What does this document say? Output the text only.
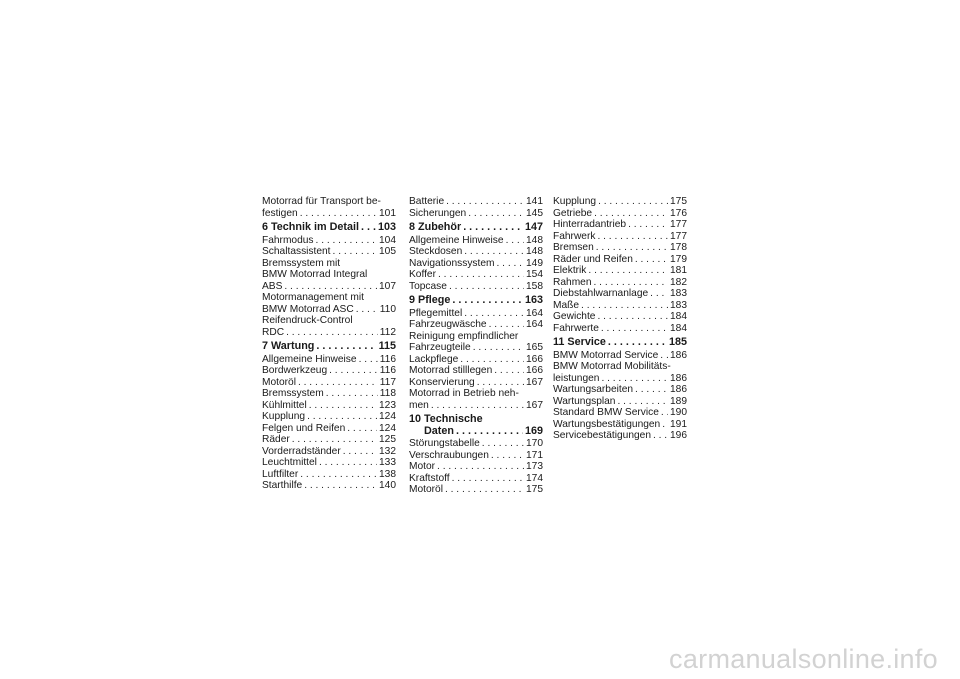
Motorrad für Transport be-
festigen . . .	101
6 Technik im Detail . . . 103
Fahrmodus . . .	104
Schaltassistent . . .	105
Bremssystem mit
BMW Motorrad Integral
ABS . . .	107
Motormanagement mit
BMW Motorrad ASC . . .	110
Reifendruck-Control
RDC . . .	112
7 Wartung . . .	115
Allgemeine Hinweise . . . 116
Bordwerkzeug . . .	116
Motoröl . . .	117
Bremssystem . . .	118
Kühlmittel . . .	123
Kupplung . . .	124
Felgen und Reifen . . .	124
Räder . . .	125
Vorderradständer . . .	132
Leuchtmittel . . .	133
Luftfilter . . .	138
Starthilfe . . .	140
Batterie . . .	141
Sicherungen . . .	145
8 Zubehör . . .	147
Allgemeine Hinweise . . . 148
Steckdosen . . .	148
Navigationssystem . . .	149
Koffer . . .	154
Topcase . . .	158
9 Pflege . . .	163
Pflegemittel . . .	164
Fahrzeugwäsche . . .	164
Reinigung empfindlicher
Fahrzeugteile . . .	165
Lackpflege . . .	166
Motorrad stilllegen . . .	166
Konservierung . . .	167
Motorrad in Betrieb neh-
men . . .	167
10 Technische
Daten . . .	169
Störungstabelle . . .	170
Verschraubungen . . .	171
Motor . . .	173
Kraftstoff . . .	174
Motoröl . . .	175
Kupplung . . .	175
Getriebe . . .	176
Hinterradantrieb . . .	177
Fahrwerk . . .	177
Bremsen . . .	178
Räder und Reifen . . .	179
Elektrik . . .	181
Rahmen . . .	182
Diebstahlwarnanlage . . . 183
Maße . . .	183
Gewichte . . .	184
Fahrwerte . . .	184
11 Service . . .	185
BMW Motorrad Service . . . 186
BMW Motorrad Mobilitäts-
leistungen . . .	186
Wartungsarbeiten . . .	186
Wartungsplan . . .	189
Standard BMW Service . . . 190
Wartungsbestätigungen . . . 191
Servicebestätigungen . . . 196
carmanualsonline.info
